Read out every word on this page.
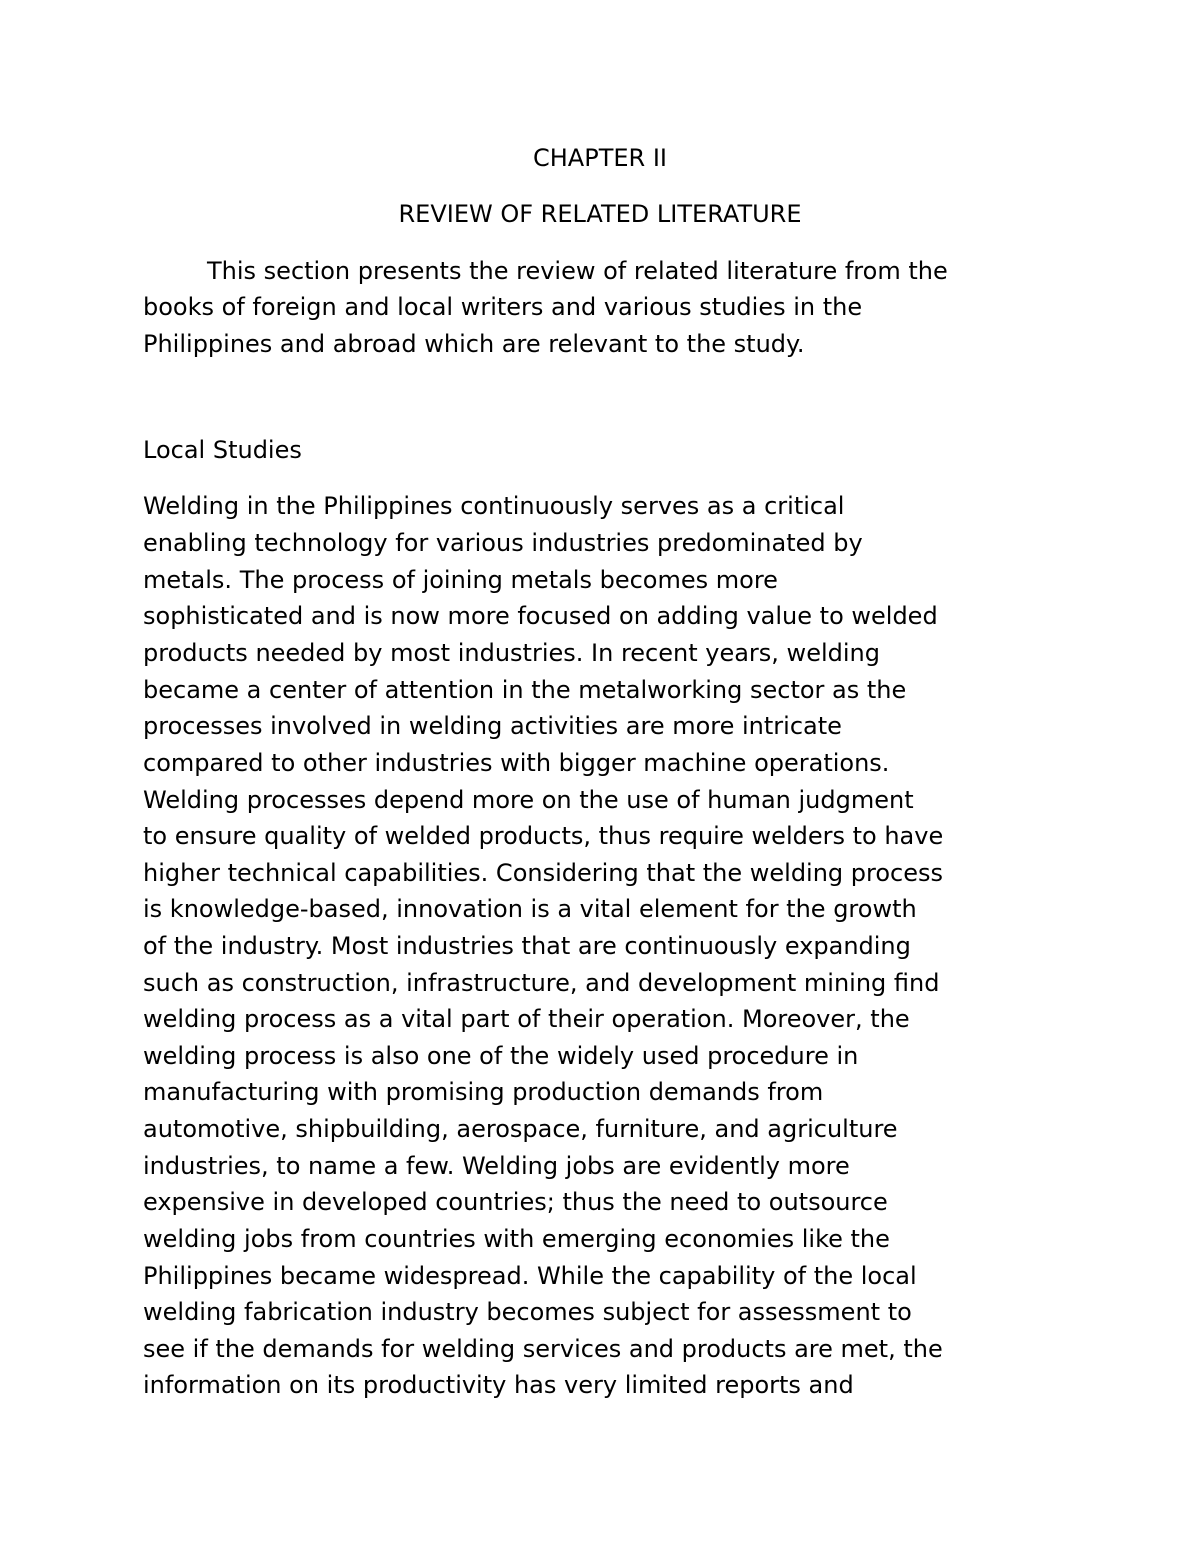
CHAPTER II
REVIEW OF RELATED LITERATURE
This section presents the review of related literature from the
books of foreign and local writers and various studies in the
Philippines and abroad which are relevant to the study.
Local Studies
Welding in the Philippines continuously serves as a critical
enabling technology for various industries predominated by
metals. The process of joining metals becomes more
sophisticated and is now more focused on adding value to welded
products needed by most industries. In recent years, welding
became a center of attention in the metalworking sector as the
processes involved in welding activities are more intricate
compared to other industries with bigger machine operations.
Welding processes depend more on the use of human judgment
to ensure quality of welded products, thus require welders to have
higher technical capabilities. Considering that the welding process
is knowledge-based, innovation is a vital element for the growth
of the industry. Most industries that are continuously expanding
such as construction, infrastructure, and development mining find
welding process as a vital part of their operation. Moreover, the
welding process is also one of the widely used procedure in
manufacturing with promising production demands from
automotive, shipbuilding, aerospace, furniture, and agriculture
industries, to name a few. Welding jobs are evidently more
expensive in developed countries; thus the need to outsource
welding jobs from countries with emerging economies like the
Philippines became widespread. While the capability of the local
welding fabrication industry becomes subject for assessment to
see if the demands for welding services and products are met, the
information on its productivity has very limited reports and
